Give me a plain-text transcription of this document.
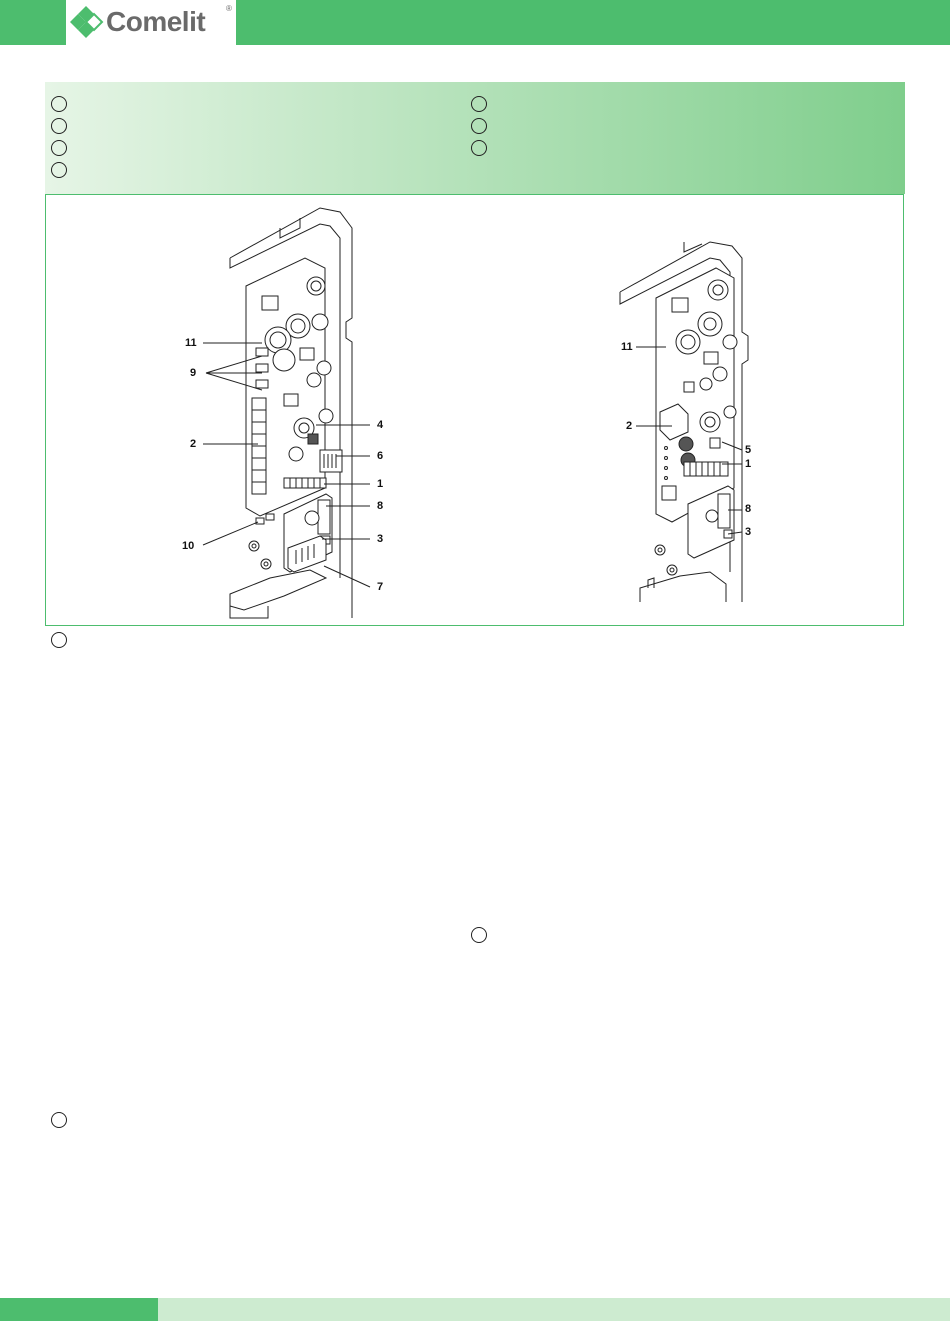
Comelit	®
11
9
2
4
6
1
8
3
10
7
11
2
5
1
8
3
